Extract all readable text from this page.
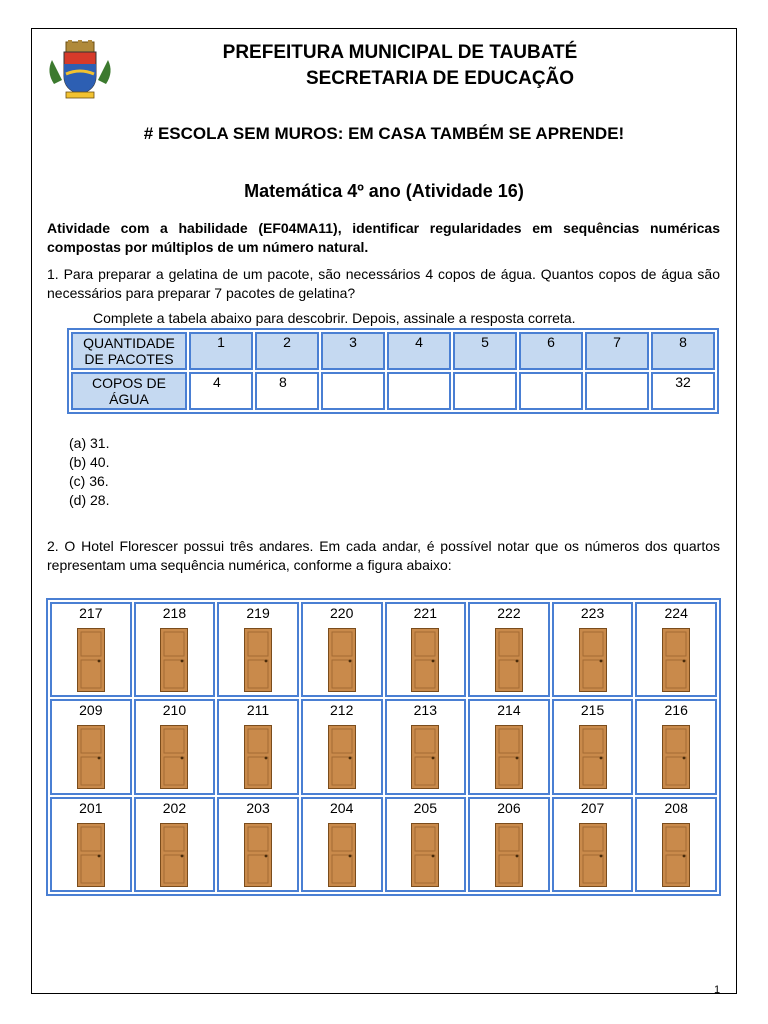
PREFEITURA MUNICIPAL DE TAUBATÉ
SECRETARIA DE EDUCAÇÃO
# ESCOLA SEM MUROS: EM CASA TAMBÉM SE APRENDE!
Matemática 4º ano (Atividade 16)
Atividade com a habilidade (EF04MA11), identificar regularidades em sequências numéricas compostas por múltiplos de um número natural.
1. Para preparar a gelatina de um pacote, são necessários 4 copos de água. Quantos copos de água são necessários para preparar 7 pacotes de gelatina?
Complete a tabela abaixo para descobrir. Depois, assinale a resposta correta.
QUANTIDADE DE PACOTES	1	2	3	4	5	6	7	8
COPOS DE ÁGUA	4	8						32
(a) 31.
(b) 40.
(c) 36.
(d) 28.
2. O Hotel Florescer possui três andares. Em cada andar, é possível notar que os números dos quartos representam uma sequência numérica, conforme a figura abaixo:
217	218	219	220	221	222	223	224
209	210	211	212	213	214	215	216
201	202	203	204	205	206	207	208
1
